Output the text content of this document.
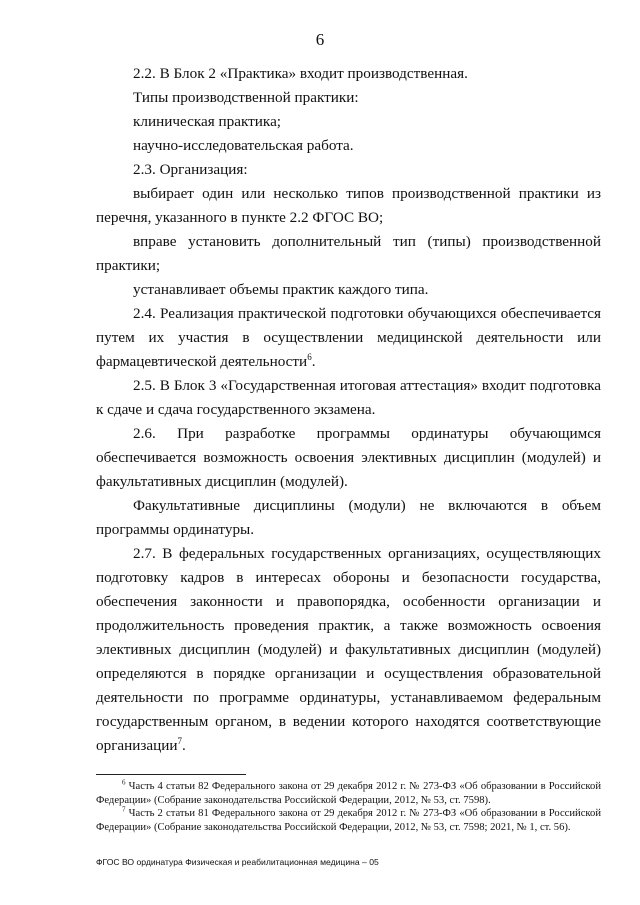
6

2.2. В Блок 2 «Практика» входит производственная.

Типы производственной практики:

клиническая практика;

научно-исследовательская работа.

2.3. Организация:

выбирает один или несколько типов производственной практики из перечня, указанного в пункте 2.2 ФГОС ВО;

вправе установить дополнительный тип (типы) производственной практики;

устанавливает объемы практик каждого типа.

2.4. Реализация практической подготовки обучающихся обеспечивается путем их участия в осуществлении медицинской деятельности или фармацевтической деятельности$^6$.

2.5. В Блок 3 «Государственная итоговая аттестация» входит подготовка к сдаче и сдача государственного экзамена.

2.6. При разработке программы ординатуры обучающимся обеспечивается возможность освоения элективных дисциплин (модулей) и факультативных дисциплин (модулей).

Факультативные дисциплины (модули) не включаются в объем программы ординатуры.

2.7. В федеральных государственных организациях, осуществляющих подготовку кадров в интересах обороны и безопасности государства, обеспечения законности и правопорядка, особенности организации и продолжительность проведения практик, а также возможность освоения элективных дисциплин (модулей) и факультативных дисциплин (модулей) определяются в порядке организации и осуществления образовательной деятельности по программе ординатуры, устанавливаемом федеральным государственным органом, в ведении которого находятся соответствующие организации$^7$.

$^6$ Часть 4 статьи 82 Федерального закона от 29 декабря 2012 г. № 273-ФЗ «Об образовании в Российской Федерации» (Собрание законодательства Российской Федерации, 2012, № 53, ст. 7598).

$^7$ Часть 2 статьи 81 Федерального закона от 29 декабря 2012 г. № 273-ФЗ «Об образовании в Российской Федерации» (Собрание законодательства Российской Федерации, 2012, № 53, ст. 7598; 2021, № 1, ст. 56).

ФГОС ВО ординатура Физическая и реабилитационная медицина – 05
